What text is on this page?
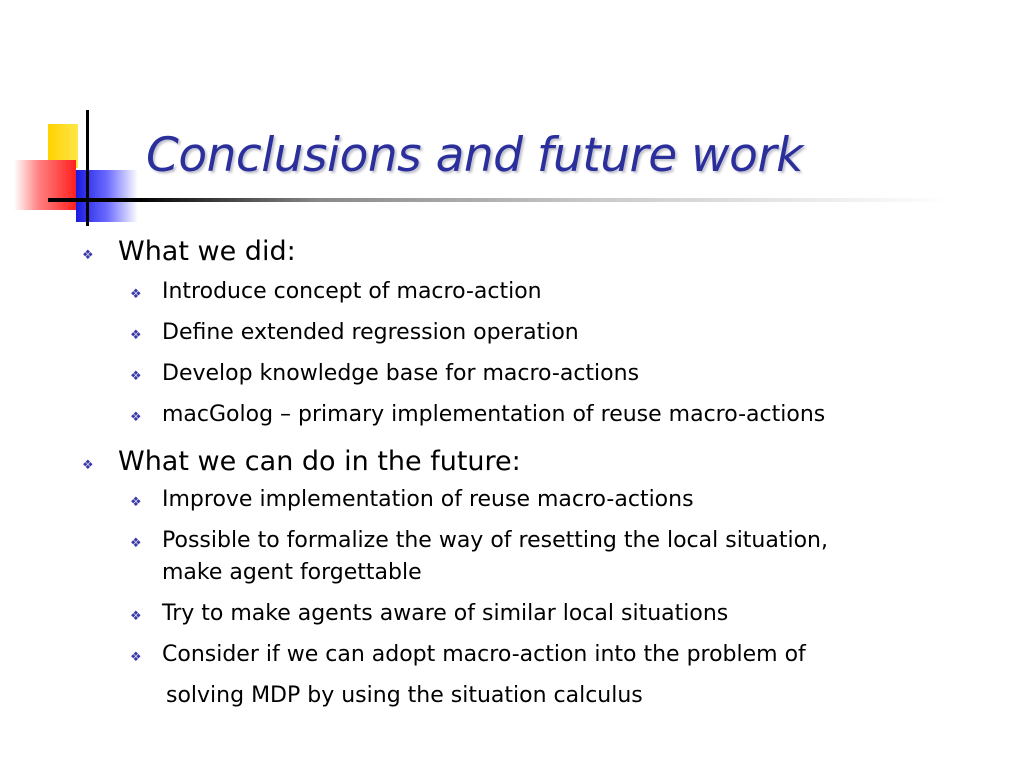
Conclusions and future work
❖ What we did:
❖ Introduce concept of macro-action
❖ Define extended regression operation
❖ Develop knowledge base for macro-actions
❖ macGolog – primary implementation of reuse macro-actions
❖ What we can do in the future:
❖ Improve implementation of reuse macro-actions
❖ Possible to formalize the way of resetting the local situation,
make agent forgettable
❖ Try to make agents aware of similar local situations
❖ Consider if we can adopt macro-action into the problem of
solving MDP by using the situation calculus
